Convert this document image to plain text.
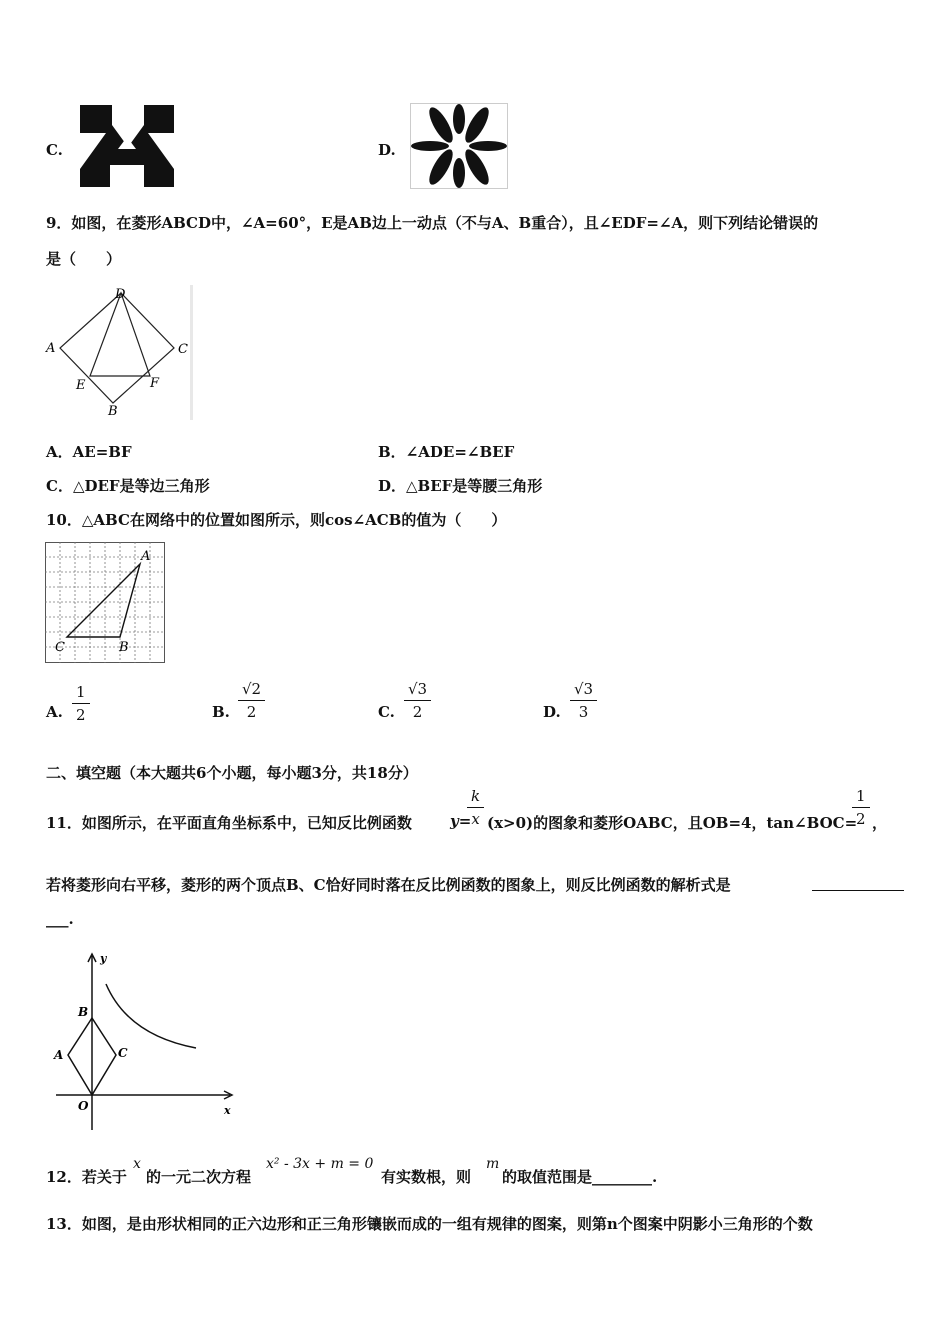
C.	D.
9．如图，在菱形ABCD中，∠A=60°，E是AB边上一动点（不与A、B重合），且∠EDF=∠A，则下列结论错误的
是（　　）
D
A	C
E	F
B
A．AE=BF	B．∠ADE=∠BEF
C．△DEF是等边三角形	D．△BEF是等腰三角形
10．△ABC在网络中的位置如图所示，则cos∠ACB的值为（　　）
A
C	B
A.
1
2	B.
√2
2	C.
√3
2	D.
√3
3
二、填空题（本大题共6个小题，每小题3分，共18分）
11．如图所示，在平面直角坐标系中，已知反比例函数	y=
k
x (x>0)的图象和菱形OABC，且OB=4，tan∠BOC=
1
2 ，
若将菱形向右平移，菱形的两个顶点B、C恰好同时落在反比例函数的图象上，则反比例函数的解析式是
___.
y
x
O
B
A	C
12．若关于
x
的一元二次方程
x² - 3x + m = 0
有实数根，则
m
的取值范围是________.
13．如图，是由形状相同的正六边形和正三角形镶嵌而成的一组有规律的图案，则第n个图案中阴影小三角形的个数
